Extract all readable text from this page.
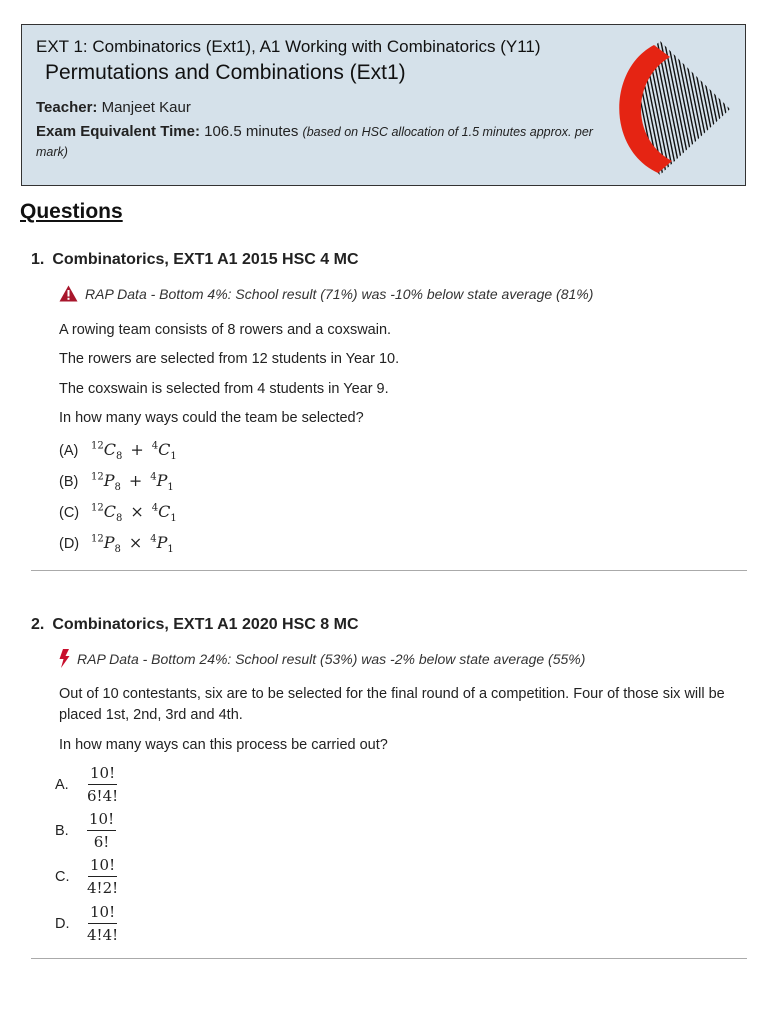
EXT 1: Combinatorics (Ext1), A1 Working with Combinatorics (Y11)
Permutations and Combinations (Ext1)
Teacher: Manjeet Kaur
Exam Equivalent Time: 106.5 minutes (based on HSC allocation of 1.5 minutes approx. per mark)
Questions
1. Combinatorics, EXT1 A1 2015 HSC 4 MC
RAP Data - Bottom 4%: School result (71%) was -10% below state average (81%)
A rowing team consists of 8 rowers and a coxswain.
The rowers are selected from 12 students in Year 10.
The coxswain is selected from 4 students in Year 9.
In how many ways could the team be selected?
(A)	$^{12}C_8 + ^4C_1$
(B)	$^{12}P_8 + ^4P_1$
(C)	$^{12}C_8 \times ^4C_1$
(D)	$^{12}P_8 \times ^4P_1$
2. Combinatorics, EXT1 A1 2020 HSC 8 MC
RAP Data - Bottom 24%: School result (53%) was -2% below state average (55%)
Out of 10 contestants, six are to be selected for the final round of a competition. Four of those six will be placed 1st, 2nd, 3rd and 4th.
In how many ways can this process be carried out?
A.	$\frac{10!}{6!4!}$
B.	$\frac{10!}{6!}$
C.	$\frac{10!}{4!2!}$
D.	$\frac{10!}{4!4!}$
